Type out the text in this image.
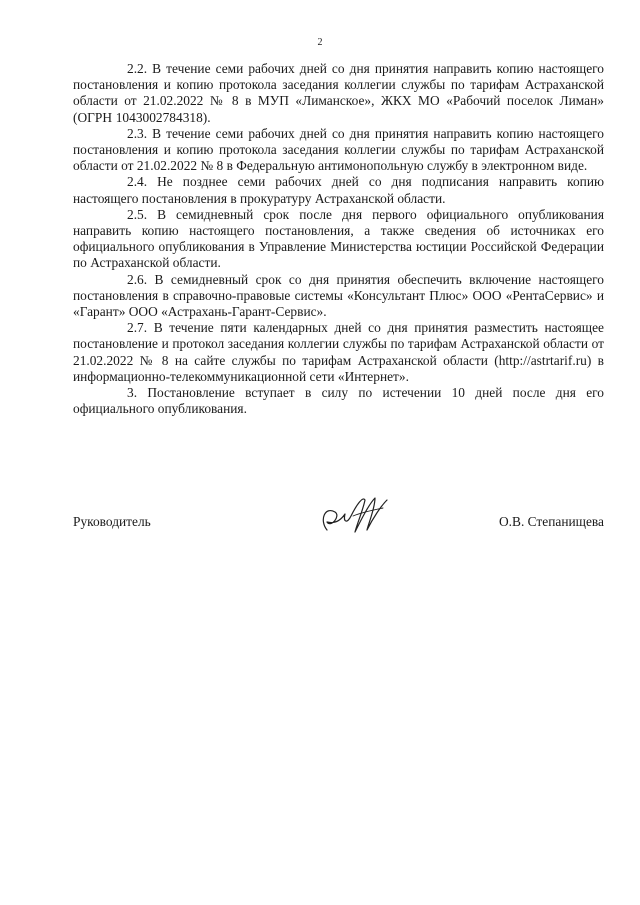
2

2.2. В течение семи рабочих дней со дня принятия направить копию настоящего постановления и копию протокола заседания коллегии службы по тарифам Астраханской области от 21.02.2022 № 8 в МУП «Лиманское», ЖКХ МО «Рабочий поселок Лиман» (ОГРН 1043002784318).

2.3. В течение семи рабочих дней со дня принятия направить копию настоящего постановления и копию протокола заседания коллегии службы по тарифам Астраханской области от 21.02.2022 № 8 в Федеральную антимонопольную службу в электронном виде.

2.4. Не позднее семи рабочих дней со дня подписания направить копию настоящего постановления в прокуратуру Астраханской области.

2.5. В семидневный срок после дня первого официального опубликования направить копию настоящего постановления, а также сведения об источниках его официального опубликования в Управление Министерства юстиции Российской Федерации по Астраханской области.

2.6. В семидневный срок со дня принятия обеспечить включение настоящего постановления в справочно-правовые системы «Консультант Плюс» ООО «РентаСервис» и «Гарант» ООО «Астрахань-Гарант-Сервис».

2.7. В течение пяти календарных дней со дня принятия разместить настоящее постановление и протокол заседания коллегии службы по тарифам Астраханской области от 21.02.2022 № 8 на сайте службы по тарифам Астраханской области (http://astrtarif.ru) в информационно-телекоммуникационной сети «Интернет».

3. Постановление вступает в силу по истечении 10 дней после дня его официального опубликования.

Руководитель	О.В. Степанищева
